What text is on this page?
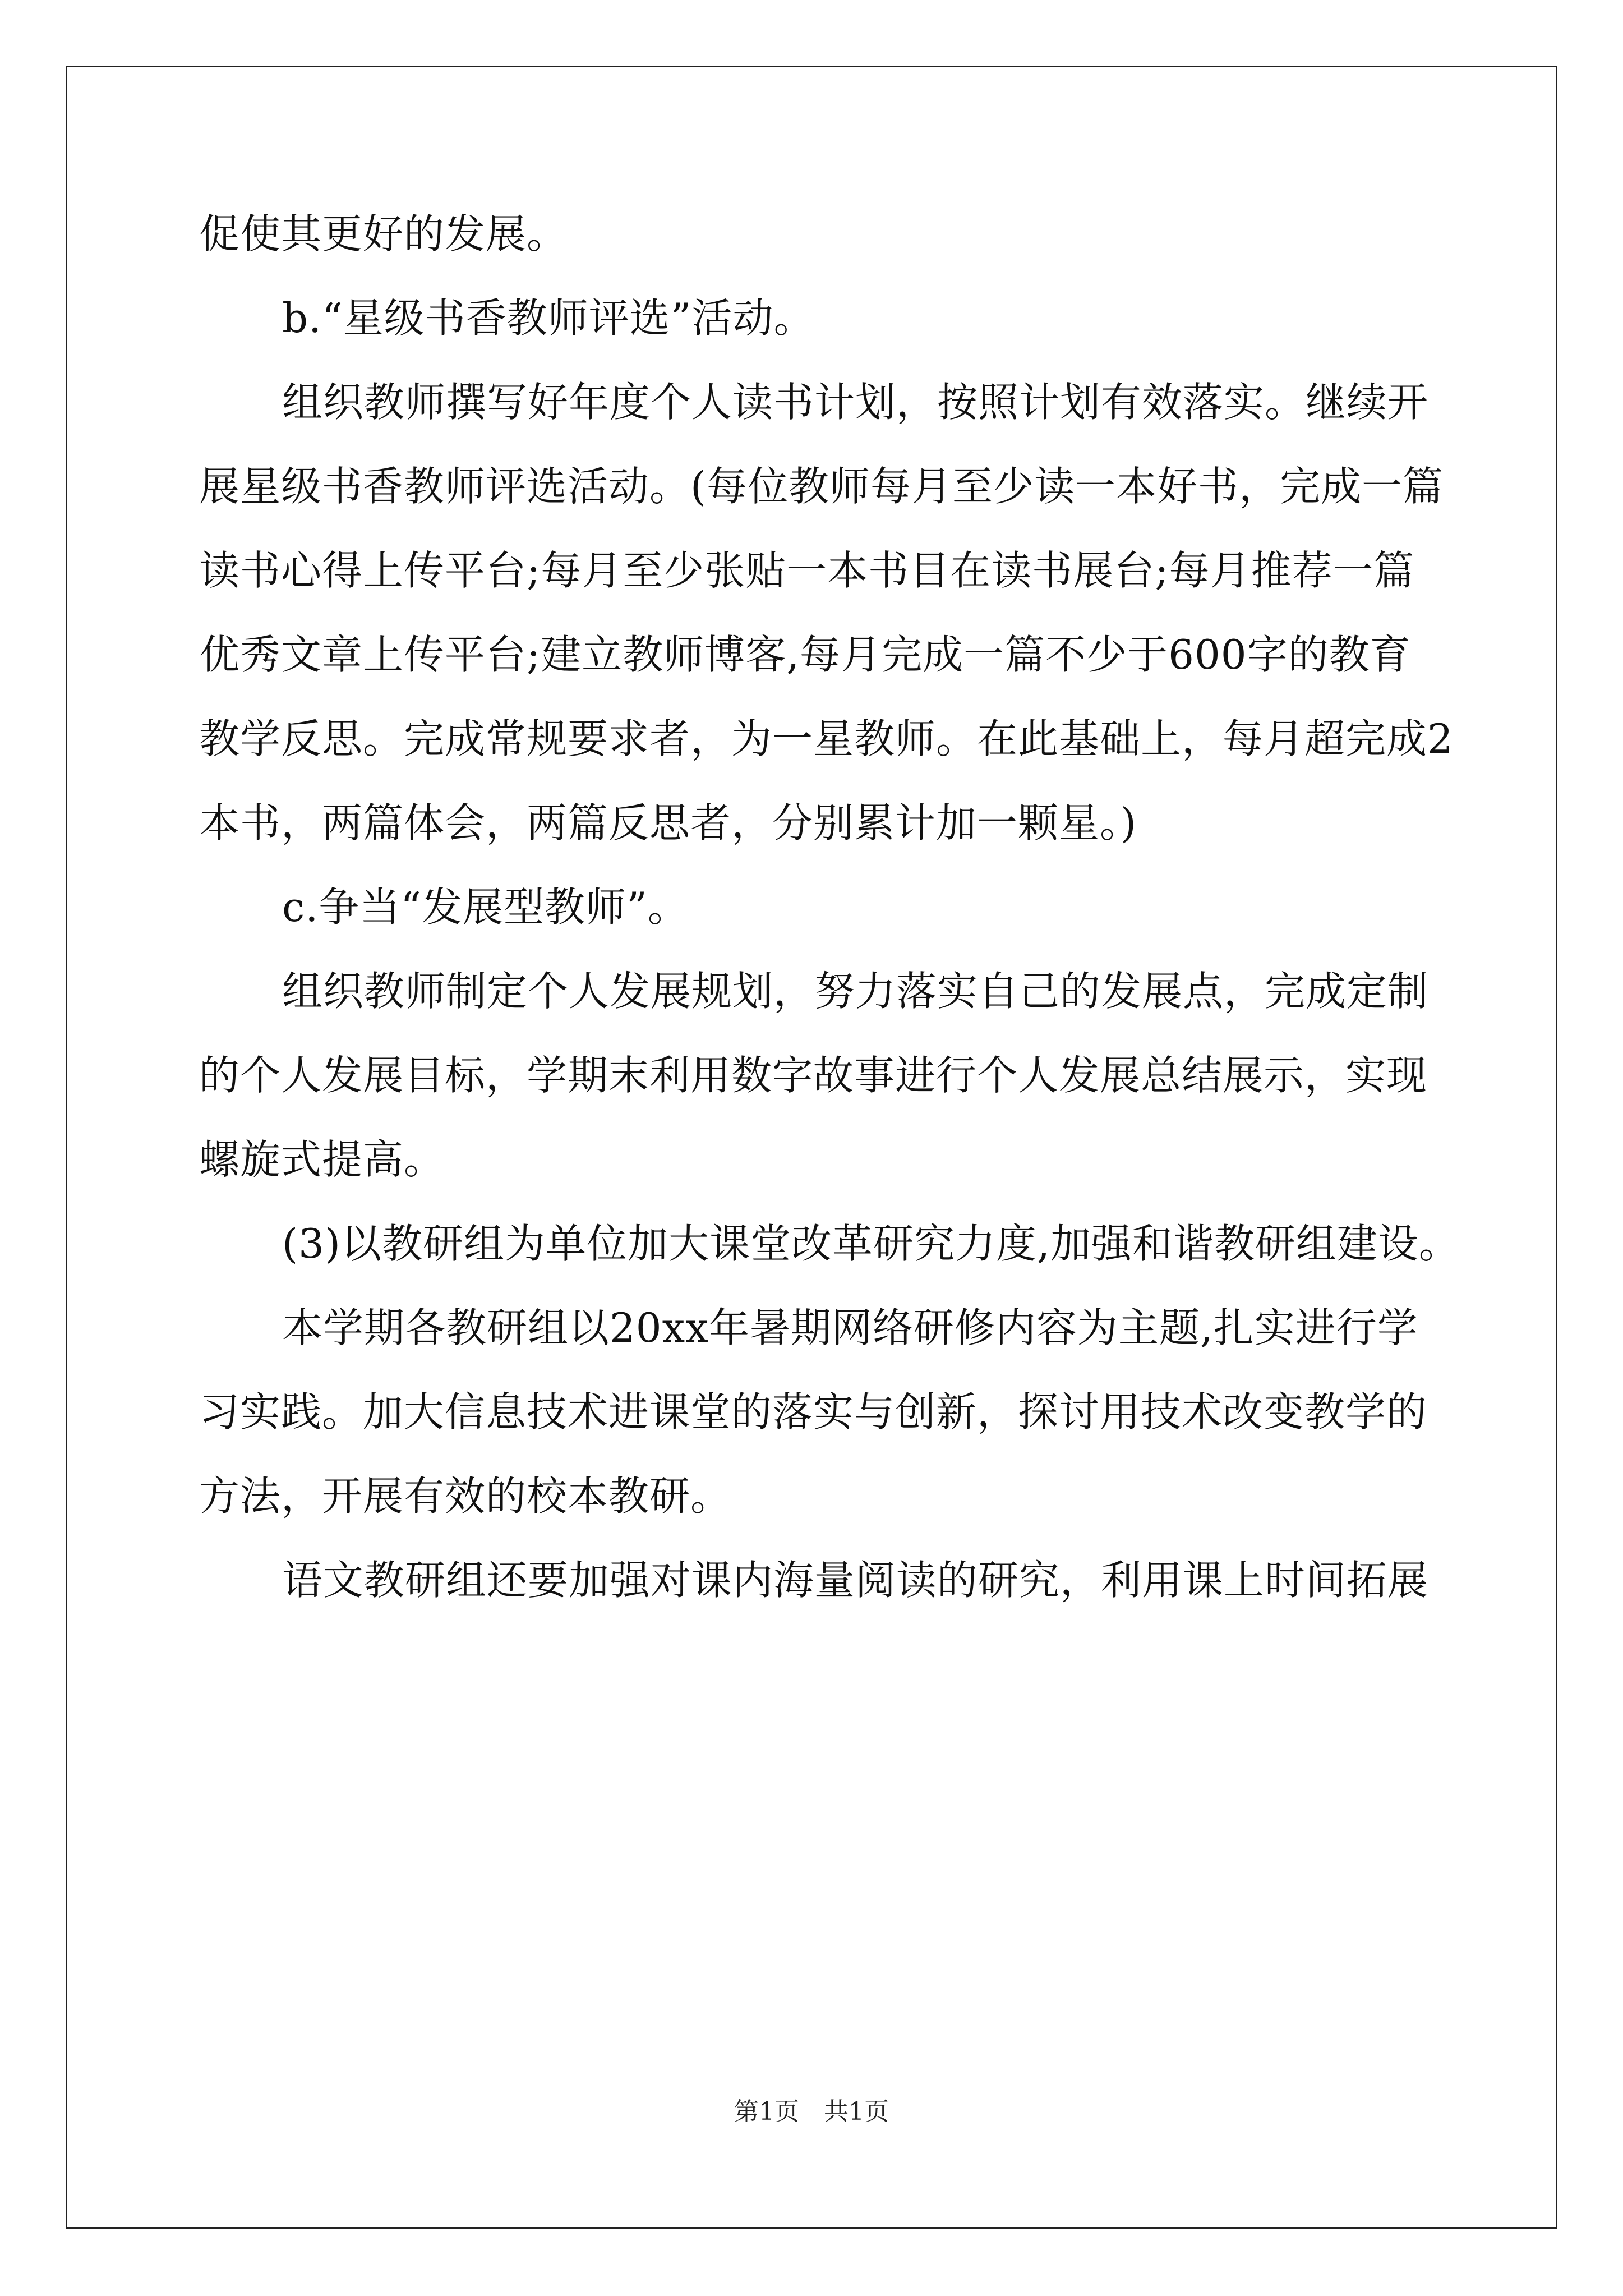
促使其更好的发展。
b.“星级书香教师评选”活动。
组织教师撰写好年度个人读书计划，按照计划有效落实。继续开
展星级书香教师评选活动。(每位教师每月至少读一本好书，完成一篇
读书心得上传平台;每月至少张贴一本书目在读书展台;每月推荐一篇
优秀文章上传平台;建立教师博客,每月完成一篇不少于600字的教育
教学反思。完成常规要求者，为一星教师。在此基础上，每月超完成2
本书，两篇体会，两篇反思者，分别累计加一颗星。)
c.争当“发展型教师”。
组织教师制定个人发展规划，努力落实自己的发展点，完成定制
的个人发展目标，学期末利用数字故事进行个人发展总结展示，实现
螺旋式提高。
(3)以教研组为单位加大课堂改革研究力度,加强和谐教研组建设。
本学期各教研组以20xx年暑期网络研修内容为主题,扎实进行学
习实践。加大信息技术进课堂的落实与创新，探讨用技术改变教学的
方法，开展有效的校本教研。
语文教研组还要加强对课内海量阅读的研究，利用课上时间拓展
第1页　共1页
